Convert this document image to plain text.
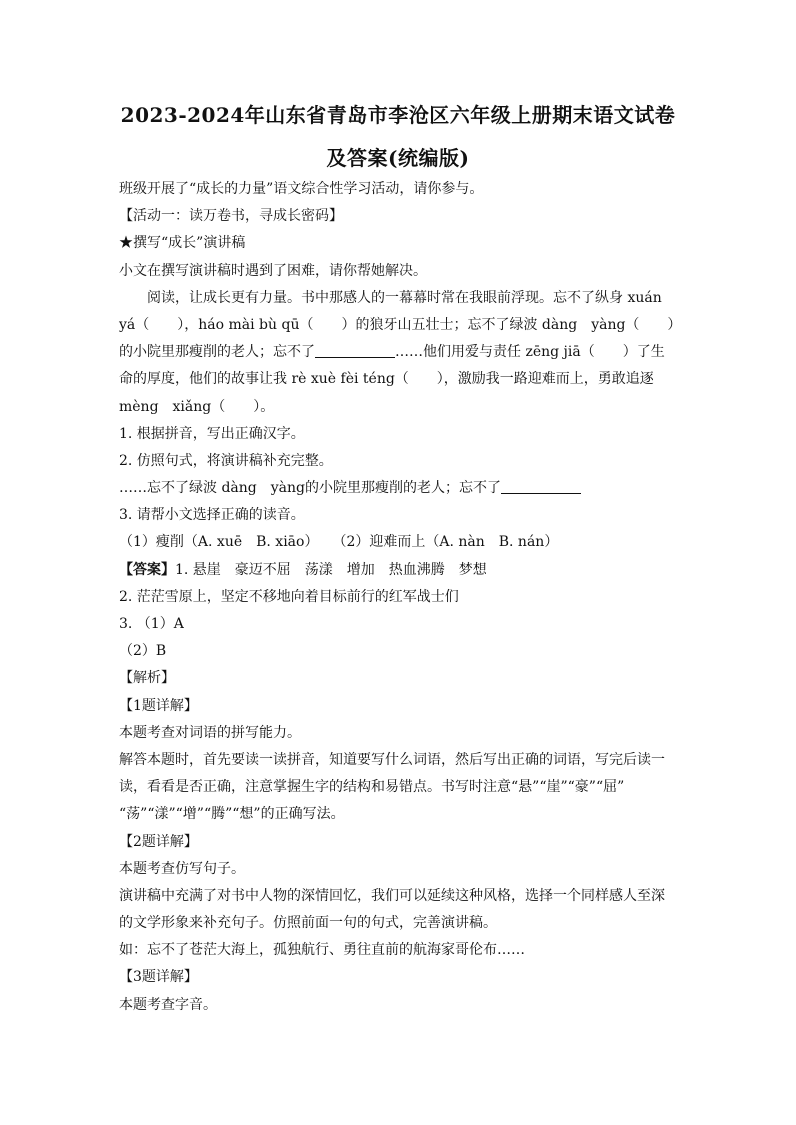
2023-2024年山东省青岛市李沧区六年级上册期末语文试卷
及答案(统编版)
班级开展了“成长的力量”语文综合性学习活动，请你参与。
【活动一：读万卷书，寻成长密码】
★撰写“成长”演讲稿
小文在撰写演讲稿时遇到了困难，请你帮她解决。
阅读，让成长更有力量。书中那感人的一幕幕时常在我眼前浮现。忘不了纵身 xuán
yá（　　），háo mài bù qū（　　）的狼牙山五壮士；忘不了绿波 dàng　yàng（　　）
的小院里那瘦削的老人；忘不了	……他们用爱与责任 zēng jiā（　　）了生
命的厚度，他们的故事让我 rè xuè fèi téng（　　），激励我一路迎难而上，勇敢追逐
mèng　xiǎng（　　）。
1. 根据拼音，写出正确汉字。
2. 仿照句式，将演讲稿补充完整。
……忘不了绿波 dàng　yàng的小院里那瘦削的老人；忘不了
3. 请帮小文选择正确的读音。
（1）瘦削（A. xuē　B. xiāo）　　（2）迎难而上（A. nàn　B. nán）
【答案】1. 悬崖　豪迈不屈　荡漾　增加　热血沸腾　梦想
2. 茫茫雪原上，坚定不移地向着目标前行的红军战士们
3. （1）A
（2）B
【解析】
【1题详解】
本题考查对词语的拼写能力。
解答本题时，首先要读一读拼音，知道要写什么词语，然后写出正确的词语，写完后读一
读，看看是否正确，注意掌握生字的结构和易错点。书写时注意“悬”“崖”“豪”“屈”
“荡”“漾”“增”“腾”“想”的正确写法。
【2题详解】
本题考查仿写句子。
演讲稿中充满了对书中人物的深情回忆，我们可以延续这种风格，选择一个同样感人至深
的文学形象来补充句子。仿照前面一句的句式，完善演讲稿。
如：忘不了苍茫大海上，孤独航行、勇往直前的航海家哥伦布……
【3题详解】
本题考查字音。
